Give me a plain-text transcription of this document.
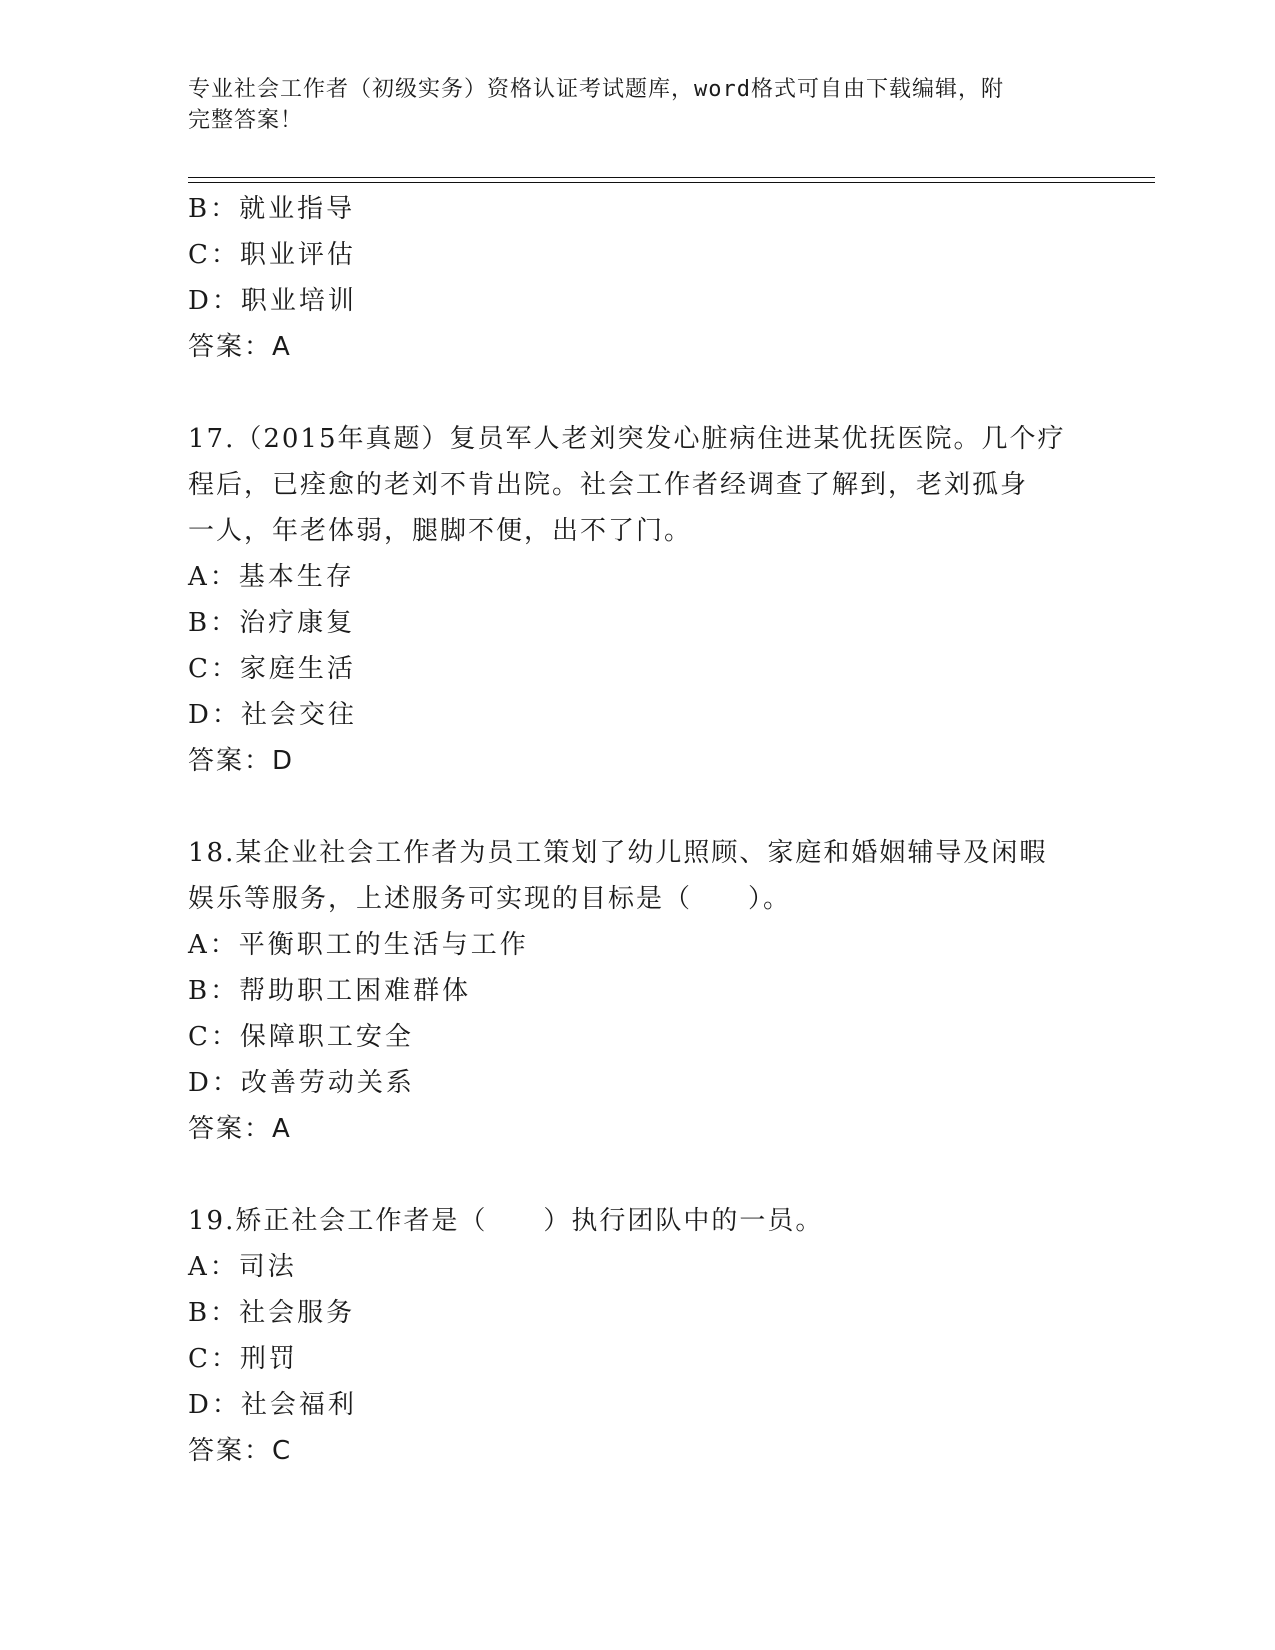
专业社会工作者（初级实务）资格认证考试题库，word格式可自由下载编辑，附
完整答案！
B：就业指导
C：职业评估
D：职业培训
答案：A
17.（2015年真题）复员军人老刘突发心脏病住进某优抚医院。几个疗
程后，已痊愈的老刘不肯出院。社会工作者经调查了解到，老刘孤身
一人，年老体弱，腿脚不便，出不了门。
A：基本生存
B：治疗康复
C：家庭生活
D：社会交往
答案：D
18.某企业社会工作者为员工策划了幼儿照顾、家庭和婚姻辅导及闲暇
娱乐等服务，上述服务可实现的目标是（　　）。
A：平衡职工的生活与工作
B：帮助职工困难群体
C：保障职工安全
D：改善劳动关系
答案：A
19.矫正社会工作者是（　　）执行团队中的一员。
A：司法
B：社会服务
C：刑罚
D：社会福利
答案：C
